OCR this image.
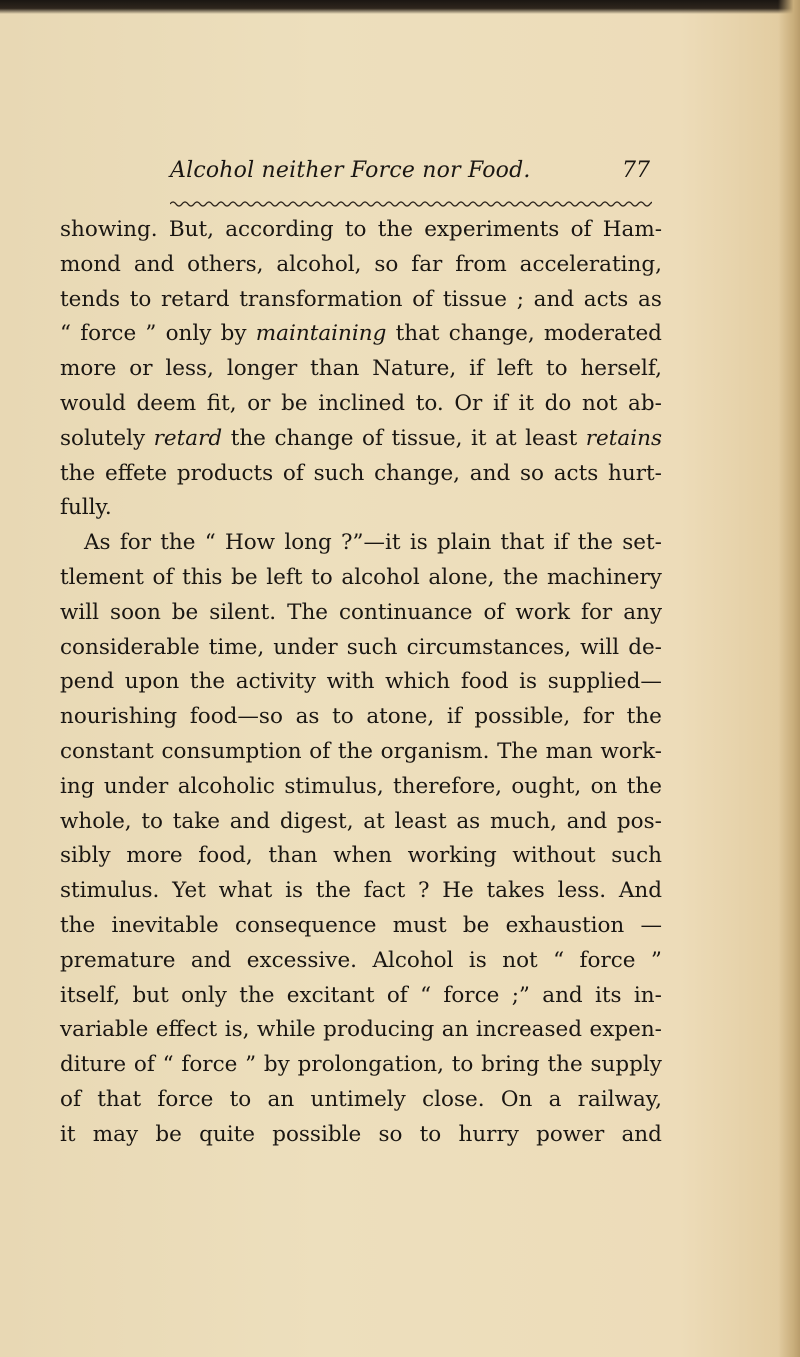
Alcohol neither Force nor Food.	77
showing. But, according to the experiments of Ham-
mond and others, alcohol, so far from accelerating,
tends to retard transformation of tissue ; and acts as
“ force ” only by maintaining that change, moderated
more or less, longer than Nature, if left to herself,
would deem fit, or be inclined to. Or if it do not ab-
solutely retard the change of tissue, it at least retains
the effete products of such change, and so acts hurt-
fully.
As for the “ How long ?”—it is plain that if the set-
tlement of this be left to alcohol alone, the machinery
will soon be silent. The continuance of work for any
considerable time, under such circumstances, will de-
pend upon the activity with which food is supplied—
nourishing food—so as to atone, if possible, for the
constant consumption of the organism. The man work-
ing under alcoholic stimulus, therefore, ought, on the
whole, to take and digest, at least as much, and pos-
sibly more food, than when working without such
stimulus. Yet what is the fact ? He takes less. And
the inevitable consequence must be exhaustion —
premature and excessive. Alcohol is not “ force ”
itself, but only the excitant of “ force ;” and its in-
variable effect is, while producing an increased expen-
diture of “ force ” by prolongation, to bring the supply
of that force to an untimely close. On a railway,
it may be quite possible so to hurry power and
